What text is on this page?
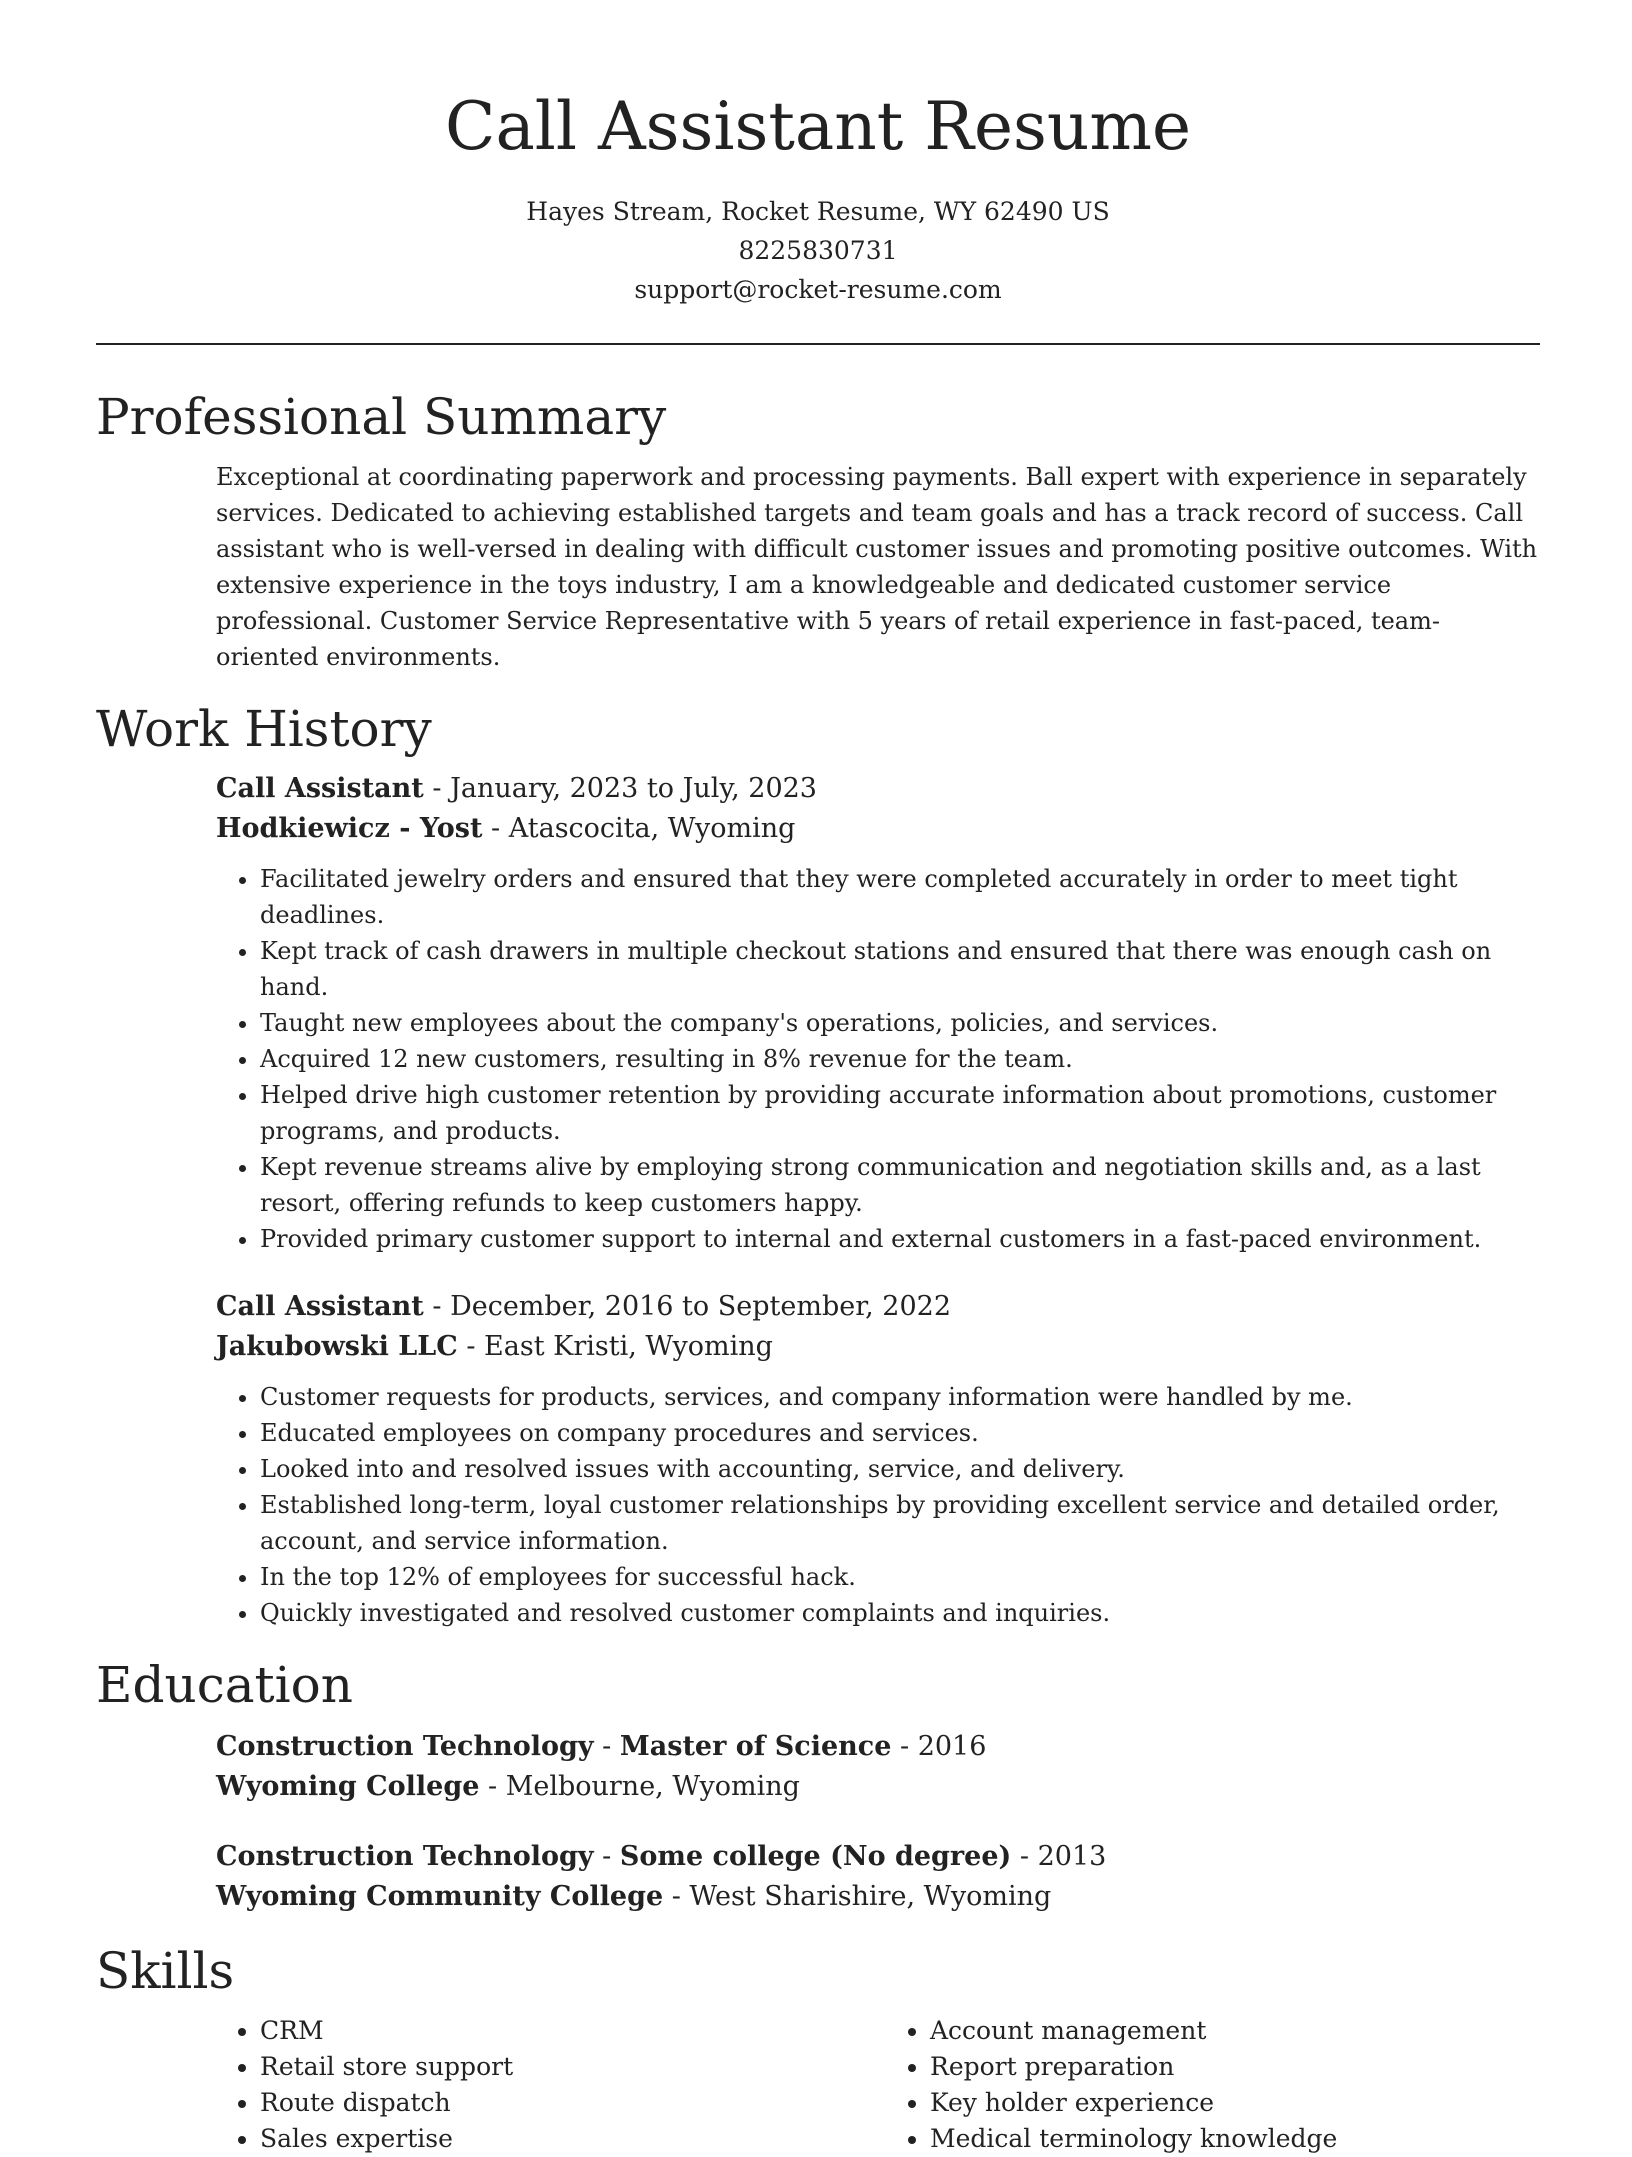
Call Assistant Resume
Hayes Stream, Rocket Resume, WY 62490 US
8225830731
support@rocket-resume.com
Professional Summary

Exceptional at coordinating paperwork and processing payments. Ball expert with experience in separately services. Dedicated to achieving established targets and team goals and has a track record of success. Call assistant who is well-versed in dealing with difficult customer issues and promoting positive outcomes. With extensive experience in the toys industry, I am a knowledgeable and dedicated customer service professional. Customer Service Representative with 5 years of retail experience in fast-paced, team-oriented environments.

Work History

Call Assistant - January, 2023 to July, 2023

Hodkiewicz - Yost - Atascocita, Wyoming

• Facilitated jewelry orders and ensured that they were completed accurately in order to meet tight deadlines.
• Kept track of cash drawers in multiple checkout stations and ensured that there was enough cash on hand.
• Taught new employees about the company's operations, policies, and services.
• Acquired 12 new customers, resulting in 8% revenue for the team.
• Helped drive high customer retention by providing accurate information about promotions, customer programs, and products.
• Kept revenue streams alive by employing strong communication and negotiation skills and, as a last resort, offering refunds to keep customers happy.
• Provided primary customer support to internal and external customers in a fast-paced environment.

Call Assistant - December, 2016 to September, 2022

Jakubowski LLC - East Kristi, Wyoming

• Customer requests for products, services, and company information were handled by me.
• Educated employees on company procedures and services.
• Looked into and resolved issues with accounting, service, and delivery.
• Established long-term, loyal customer relationships by providing excellent service and detailed order, account, and service information.
• In the top 12% of employees for successful hack.
• Quickly investigated and resolved customer complaints and inquiries.
Education

Construction Technology - Master of Science - 2016

Wyoming College - Melbourne, Wyoming

Construction Technology - Some college (No degree) - 2013

Wyoming Community College - West Sharishire, Wyoming

Skills
• CRM
• Retail store support
• Route dispatch
• Sales expertise
• Account management
• Report preparation
• Key holder experience
• Medical terminology knowledge
